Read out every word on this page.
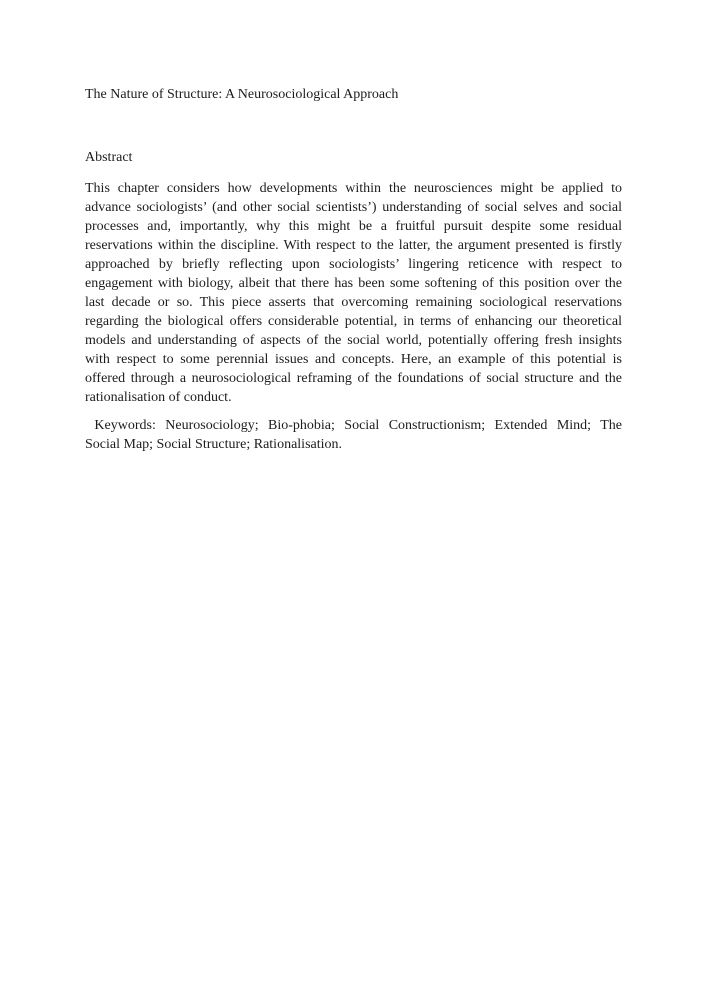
The Nature of Structure: A Neurosociological Approach
Abstract
This chapter considers how developments within the neurosciences might be applied to
advance sociologists’ (and other social scientists’) understanding of social selves and social
processes and, importantly, why this might be a fruitful pursuit despite some residual
reservations within the discipline. With respect to the latter, the argument presented is firstly
approached by briefly reflecting upon sociologists’ lingering reticence with respect to
engagement with biology, albeit that there has been some softening of this position over the
last decade or so. This piece asserts that overcoming remaining sociological reservations
regarding the biological offers considerable potential, in terms of enhancing our theoretical
models and understanding of aspects of the social world, potentially offering fresh insights
with respect to some perennial issues and concepts. Here, an example of this potential is
offered through a neurosociological reframing of the foundations of social structure and the
rationalisation of conduct.
Keywords: Neurosociology; Bio-phobia; Social Constructionism; Extended Mind; The
Social Map; Social Structure; Rationalisation.
